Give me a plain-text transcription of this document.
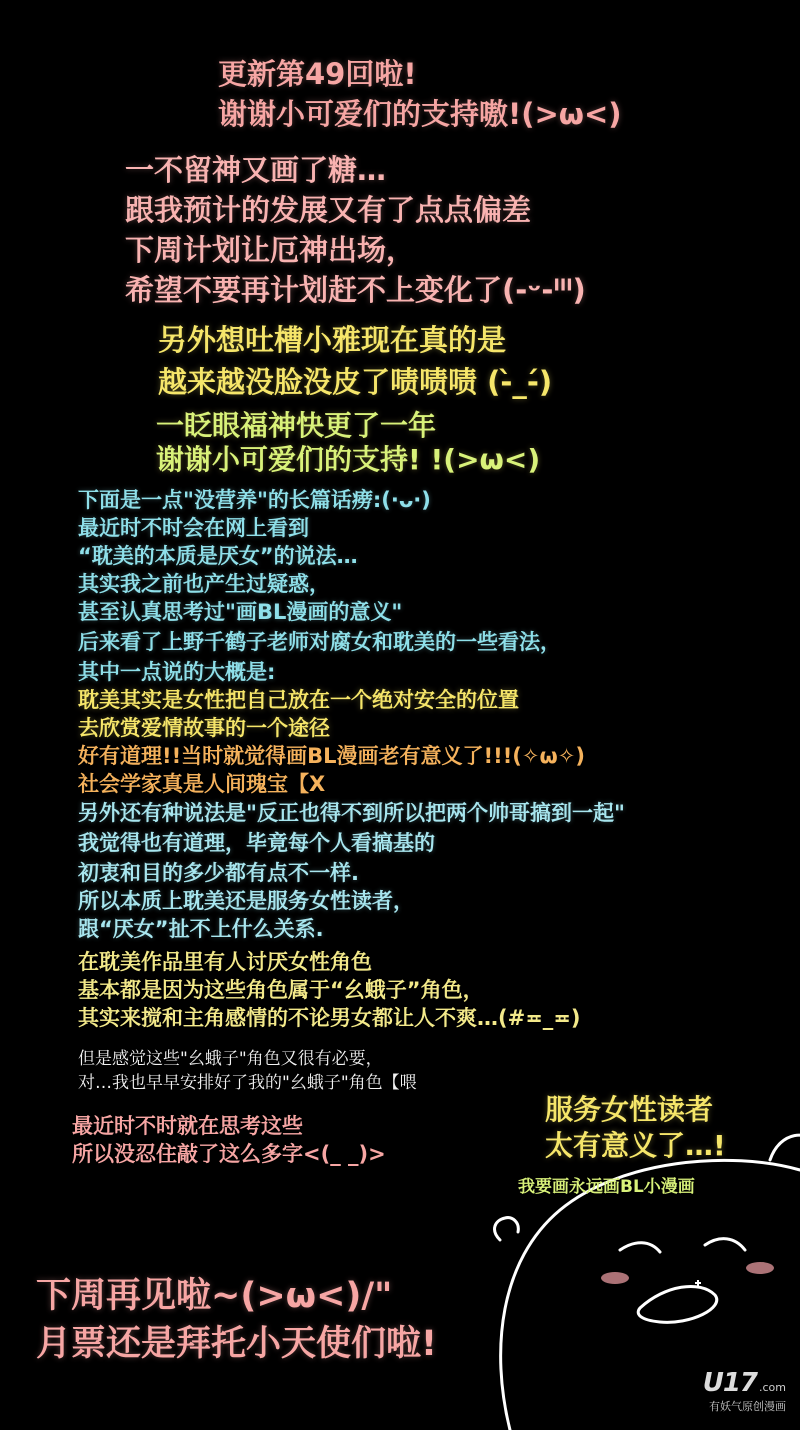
更新第49回啦!

谢谢小可爱们的支持嗷!(>ω<)

一不留神又画了糖…

跟我预计的发展又有了点点偏差

下周计划让厄神出场，

希望不要再计划赶不上变化了(-ᵕ-ˡˡˡ)

另外想吐槽小雅现在真的是

越来越没脸没皮了啧啧啧 (-̀_-́)

一眨眼福神快更了一年

谢谢小可爱们的支持! !(>ω<)

下面是一点"没营养"的长篇话痨:(·ᴗ·)

最近时不时会在网上看到

“耽美的本质是厌女”的说法…

其实我之前也产生过疑惑，

甚至认真思考过"画BL漫画的意义"

后来看了上野千鹤子老师对腐女和耽美的一些看法，

其中一点说的大概是:

耽美其实是女性把自己放在一个绝对安全的位置

去欣赏爱情故事的一个途径

好有道理!!当时就觉得画BL漫画老有意义了!!!(✧ω✧)

社会学家真是人间瑰宝【X

另外还有种说法是"反正也得不到所以把两个帅哥搞到一起"

我觉得也有道理，毕竟每个人看搞基的

初衷和目的多少都有点不一样.

所以本质上耽美还是服务女性读者，

跟“厌女”扯不上什么关系.

在耽美作品里有人讨厌女性角色

基本都是因为这些角色属于“幺蛾子”角色，

其实来搅和主角感情的不论男女都让人不爽…(#≖_≖)

但是感觉这些"幺蛾子"角色又很有必要，

对…我也早早安排好了我的"幺蛾子"角色【喂

最近时不时就在思考这些

所以没忍住敲了这么多字<(_ _)>

服务女性读者

太有意义了…!

我要画永远画BL小漫画

下周再见啦~(>ω<)/"

月票还是拜托小天使们啦!

U17 .com
有妖气原创漫画
